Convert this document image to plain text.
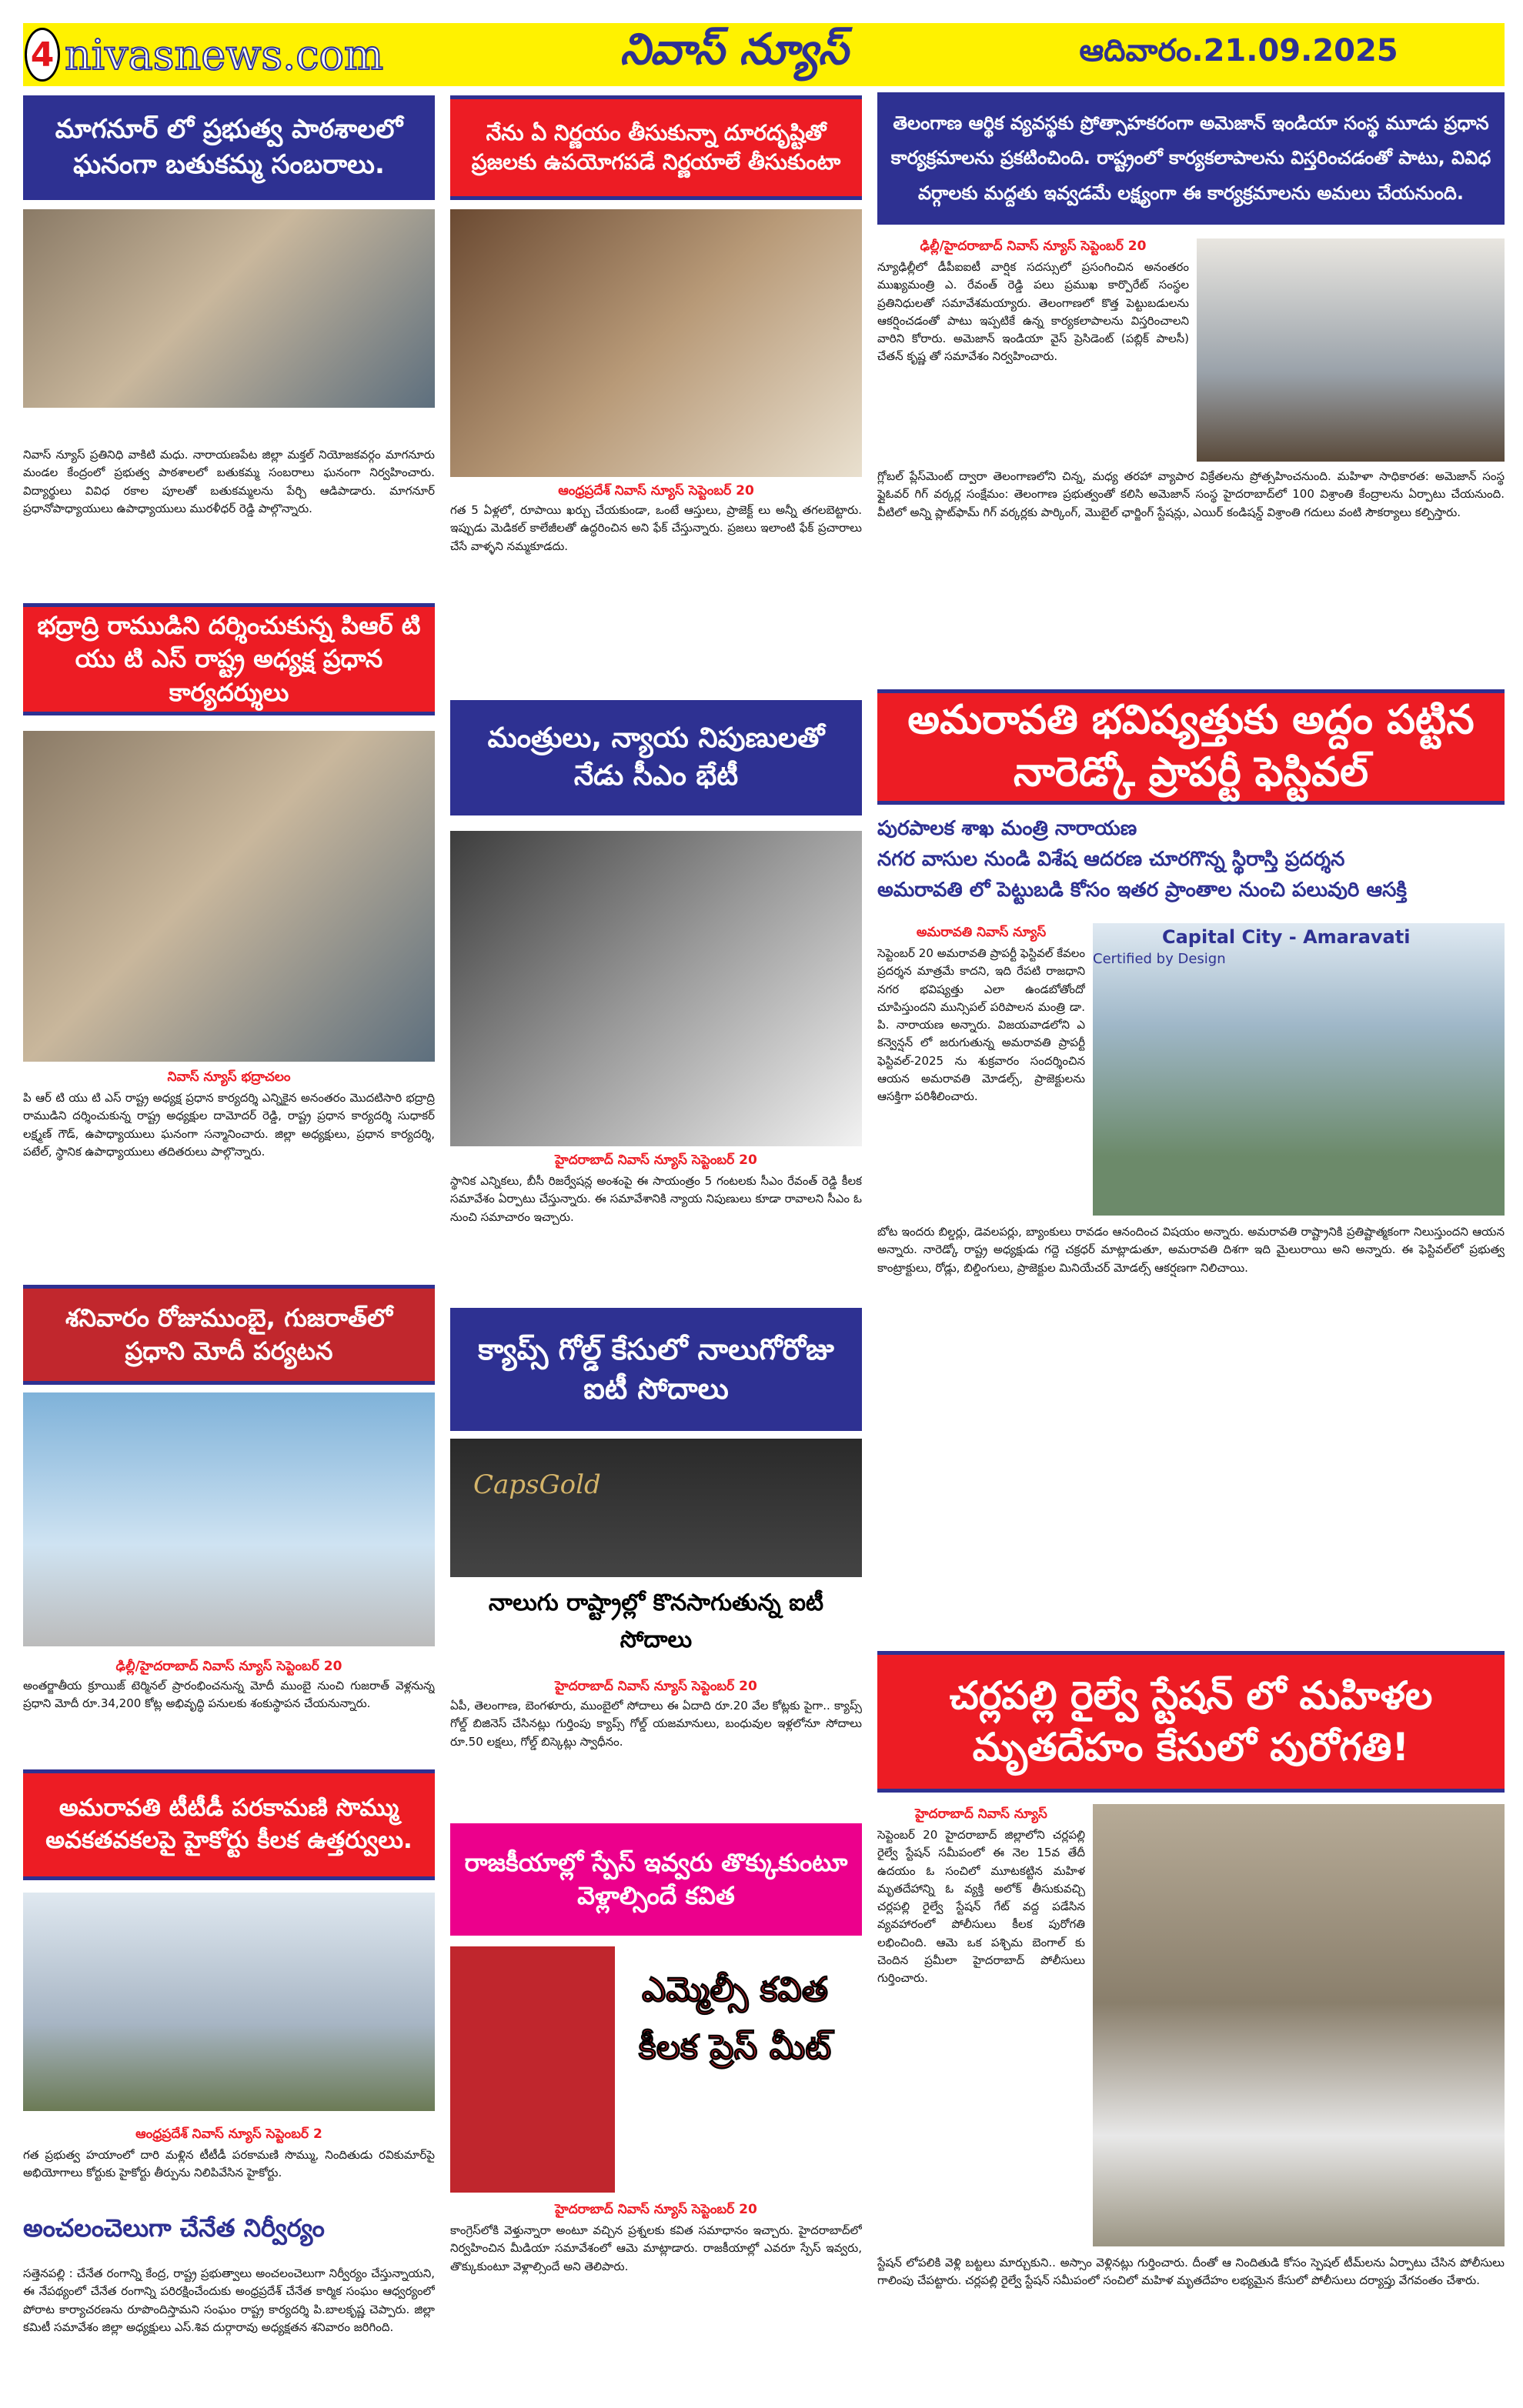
4 nivasnews.com	నివాస్ న్యూస్	ఆదివారం.21.09.2025
మాగనూర్ లో ప్రభుత్వ పాఠశాలలో ఘనంగా బతుకమ్మ సంబరాలు.
నివాస్ న్యూస్ ప్రతినిధి వాకిటి మధు. నారాయణపేట జిల్లా మక్తల్ నియోజకవర్గం మాగనూరు మండల కేంద్రంలో ప్రభుత్వ పాఠశాలలో బతుకమ్మ సంబరాలు ఘనంగా నిర్వహించారు. విద్యార్థులు వివిధ రకాల పూలతో బతుకమ్మలను పేర్చి ఆడిపాడారు. మాగనూర్ ప్రధానోపాధ్యాయులు ఉపాధ్యాయులు మురళీధర్ రెడ్డి పాల్గొన్నారు.
భద్రాద్రి రాముడిని దర్శించుకున్న పిఆర్ టి యు టి ఎస్ రాష్ట్ర అధ్యక్ష ప్రధాన కార్యదర్శులు
నివాస్ న్యూస్ భద్రాచలం
పి ఆర్ టి యు టి ఎస్ రాష్ట్ర అధ్యక్ష ప్రధాన కార్యదర్శి ఎన్నికైన అనంతరం మొదటిసారి భద్రాద్రి రాముడిని దర్శించుకున్న రాష్ట్ర అధ్యక్షుల దామోదర్ రెడ్డి, రాష్ట్ర ప్రధాన కార్యదర్శి సుధాకర్ లక్ష్మణ్ గౌడ్, ఉపాధ్యాయులు ఘనంగా సన్మానించారు. జిల్లా అధ్యక్షులు, ప్రధాన కార్యదర్శి, పటేల్, స్థానిక ఉపాధ్యాయులు తదితరులు పాల్గొన్నారు.
శనివారం రోజుముంబై, గుజరాత్‌లో ప్రధాని మోదీ పర్యటన
ఢిల్లీ/హైదరాబాద్ నివాస్ న్యూస్ సెప్టెంబర్ 20
అంతర్జాతీయ క్రూయిజ్ టెర్మినల్ ప్రారంభించనున్న మోదీ ముంబై నుంచి గుజరాత్ వెళ్లనున్న ప్రధాని మోదీ రూ.34,200 కోట్ల అభివృద్ధి పనులకు శంకుస్థాపన చేయనున్నారు.
అమరావతి టీటీడీ పరకామణి సొమ్ము అవకతవకలపై హైకోర్టు కీలక ఉత్తర్వులు.
ఆంధ్రప్రదేశ్ నివాస్ న్యూస్ సెప్టెంబర్ 2
గత ప్రభుత్వ హయాంలో దారి మళ్లిన టీటీడీ పరకామణి సొమ్ము, నిందితుడు రవికుమార్‌పై అభియోగాలు కోర్టుకు హైకోర్టు తీర్పును నిలిపివేసిన హైకోర్టు.
అంచలంచెలుగా చేనేత నిర్వీర్యం
సత్తెనపల్లి : చేనేత రంగాన్ని కేంద్ర, రాష్ట్ర ప్రభుత్వాలు అంచలంచెలుగా నిర్వీర్యం చేస్తున్నాయని, ఈ నేపథ్యంలో చేనేత రంగాన్ని పరిరక్షించేందుకు అంధ్రప్రదేశ్ చేనేత కార్మిక సంఘం ఆధ్వర్యంలో పోరాట కార్యాచరణను రూపొందిస్తామని సంఘం రాష్ట్ర కార్యదర్శి పి.బాలకృష్ణ చెప్పారు. జిల్లా కమిటీ సమావేశం జిల్లా అధ్యక్షులు ఎస్.శివ దుర్గారావు అధ్యక్షతన శనివారం జరిగింది.
నేను ఏ నిర్ణయం తీసుకున్నా దూరదృష్టితో ప్రజలకు ఉపయోగపడే నిర్ణయాలే తీసుకుంటా
ఆంధ్రప్రదేశ్ నివాస్ న్యూస్ సెప్టెంబర్ 20
గత 5 ఏళ్లలో, రూపాయి ఖర్చు చేయకుండా, ఒంటే ఆస్తులు, ప్రాజెక్ట్ లు అన్నీ తగలబెట్టారు. ఇప్పుడు మెడికల్ కాలేజీలతో ఉద్ధరించిన అని ఫేక్ చేస్తున్నారు. ప్రజలు ఇలాంటి ఫేక్ ప్రచారాలు చేసే వాళ్ళని నమ్మకూడదు.
మంత్రులు, న్యాయ నిపుణులతో నేడు సీఎం భేటీ
హైదరాబాద్ నివాస్ న్యూస్ సెప్టెంబర్ 20
స్థానిక ఎన్నికలు, బీసీ రిజర్వేషన్ల అంశంపై ఈ సాయంత్రం 5 గంటలకు సీఎం రేవంత్ రెడ్డి కీలక సమావేశం ఏర్పాటు చేస్తున్నారు. ఈ సమావేశానికి న్యాయ నిపుణులు కూడా రావాలని సీఎం ఓ నుంచి సమాచారం ఇచ్చారు.
క్యాప్స్ గోల్డ్ కేసులో నాలుగోరోజు ఐటీ సోదాలు
CapsGold
నాలుగు రాష్ట్రాల్లో కొనసాగుతున్న ఐటీ సోదాలు
హైదరాబాద్ నివాస్ న్యూస్ సెప్టెంబర్ 20
ఏపీ, తెలంగాణ, బెంగళూరు, ముంబైలో సోదాలు ఈ ఏదాది రూ.20 వేల కోట్లకు పైగా.. క్యాప్స్ గోల్డ్ బిజినెస్ చేసినట్లు గుర్తింపు క్యాప్స్ గోల్డ్ యజమానులు, బంధువుల ఇళ్లలోనూ సోదాలు రూ.50 లక్షలు, గోల్డ్ బిస్కెట్లు స్వాధీనం.
రాజకీయాల్లో స్పేస్ ఇవ్వరు తొక్కుకుంటూ వెళ్లాల్సిందే కవిత
ఎమ్మెల్సీ కవిత కీలక ప్రెస్ మీట్
హైదరాబాద్ నివాస్ న్యూస్ సెప్టెంబర్ 20
కాంగ్రెస్‌లోకి వెళ్తున్నారా అంటూ వచ్చిన ప్రశ్నలకు కవిత సమాధానం ఇచ్చారు. హైదరాబాద్‌లో నిర్వహించిన మీడియా సమావేశంలో ఆమె మాట్లాడారు. రాజకీయాల్లో ఎవరూ స్పేస్ ఇవ్వరు, తొక్కుకుంటూ వెళ్లాల్సిందే అని తెలిపారు.
తెలంగాణ ఆర్థిక వ్యవస్థకు ప్రోత్సాహకరంగా అమెజాన్ ఇండియా సంస్థ మూడు ప్రధాన కార్యక్రమాలను ప్రకటించింది. రాష్ట్రంలో కార్యకలాపాలను విస్తరించడంతో పాటు, వివిధ వర్గాలకు మద్దతు ఇవ్వడమే లక్ష్యంగా ఈ కార్యక్రమాలను అమలు చేయనుంది.
ఢిల్లీ/హైదరాబాద్ నివాస్ న్యూస్ సెప్టెంబర్ 20
న్యూఢిల్లీలో డీపీఐఐటీ వార్షిక సదస్సులో ప్రసంగించిన అనంతరం ముఖ్యమంత్రి ఎ. రేవంత్ రెడ్డి పలు ప్రముఖ కార్పొరేట్ సంస్థల ప్రతినిధులతో సమావేశమయ్యారు. తెలంగాణలో కొత్త పెట్టుబడులను ఆకర్షించడంతో పాటు ఇప్పటికే ఉన్న కార్యకలాపాలను విస్తరించాలని వారిని కోరారు. అమెజాన్ ఇండియా వైస్ ప్రెసిడెంట్ (పబ్లిక్ పాలసీ) చేతన్ కృష్ణ తో సమావేశం నిర్వహించారు.
గ్లోబల్ ప్లేస్‌మెంట్ ద్వారా తెలంగాణలోని చిన్న, మధ్య తరహా వ్యాపార విక్రేతలను ప్రోత్సహించనుంది. మహిళా సాధికారత: అమెజాన్ సంస్థ ఫ్లైఓవర్ గిగ్ వర్కర్ల సంక్షేమం: తెలంగాణ ప్రభుత్వంతో కలిసి అమెజాన్ సంస్థ హైదరాబాద్‌లో 100 విశ్రాంతి కేంద్రాలను ఏర్పాటు చేయనుంది. వీటిలో అన్ని ప్లాట్‌ఫామ్ గిగ్ వర్కర్లకు పార్కింగ్, మొబైల్ ఛార్జింగ్ స్టేషన్లు, ఎయిర్ కండిషన్డ్ విశ్రాంతి గదులు వంటి సౌకర్యాలు కల్పిస్తారు.
అమరావతి భవిష్యత్తుకు అద్దం పట్టిన నారెడ్కో ప్రాపర్టీ ఫెస్టివల్
పురపాలక శాఖ మంత్రి నారాయణ
నగర వాసుల నుండి విశేష ఆదరణ చూరగొన్న స్థిరాస్తి ప్రదర్శన
అమరావతి లో పెట్టుబడి కోసం ఇతర ప్రాంతాల నుంచి పలువురి ఆసక్తి
అమరావతి నివాస్ న్యూస్
సెప్టెంబర్ 20 అమరావతి ప్రాపర్టీ ఫెస్టివల్ కేవలం ప్రదర్శన మాత్రమే కాదని, ఇది రేపటి రాజధాని నగర భవిష్యత్తు ఎలా ఉండబోతోందో చూపిస్తుందని మున్సిపల్ పరిపాలన మంత్రి డా. పి. నారాయణ అన్నారు. విజయవాడలోని ఎ కన్వెన్షన్ లో జరుగుతున్న అమరావతి ప్రాపర్టీ ఫెస్టివల్-2025 ను శుక్రవారం సందర్శించిన ఆయన అమరావతి మోడల్స్, ప్రాజెక్టులను ఆసక్తిగా పరిశీలించారు.
Capital City - Amaravati
Certified by Design
బోట ఇందరు బిల్డర్లు, డెవలపర్లు, బ్యాంకులు రావడం ఆనందించ విషయం అన్నారు. అమరావతి రాష్ట్రానికి ప్రతిష్టాత్మకంగా నిలుస్తుందని ఆయన అన్నారు. నారెడ్కో రాష్ట్ర అధ్యక్షుడు గద్దె చక్రధర్ మాట్లాడుతూ, అమరావతి దిశగా ఇది మైలురాయి అని అన్నారు. ఈ ఫెస్టివల్‌లో ప్రభుత్వ కాంట్రాక్టులు, రోడ్లు, బిల్డింగులు, ప్రాజెక్టుల మినియేచర్ మోడల్స్ ఆకర్షణగా నిలిచాయి.
చర్లపల్లి రైల్వే స్టేషన్ లో మహిళల మృతదేహం కేసులో పురోగతి!
హైదరాబాద్ నివాస్ న్యూస్
సెప్టెంబర్ 20 హైదరాబాద్ జిల్లాలోని చర్లపల్లి రైల్వే స్టేషన్ సమీపంలో ఈ నెల 15వ తేదీ ఉదయం ఓ సంచిలో మూటకట్టిన మహిళ మృతదేహాన్ని ఓ వ్యక్తి అలోక్ తీసుకువచ్చి చర్లపల్లి రైల్వే స్టేషన్ గేట్ వద్ద పడేసిన వ్యవహారంలో పోలీసులు కీలక పురోగతి లభించింది. ఆమె ఒక పశ్చిమ బెంగాల్ కు చెందిన ప్రమీలా హైదరాబాద్ పోలీసులు గుర్తించారు.
స్టేషన్ లోపలికి వెళ్లి బట్టలు మార్చుకుని.. అస్సాం వెళ్లినట్లు గుర్తించారు. దీంతో ఆ నిందితుడి కోసం స్పెషల్ టీమ్‌లను ఏర్పాటు చేసిన పోలీసులు గాలింపు చేపట్టారు. చర్లపల్లి రైల్వే స్టేషన్ సమీపంలో సంచిలో మహిళ మృతదేహం లభ్యమైన కేసులో పోలీసులు దర్యాప్తు వేగవంతం చేశారు.
